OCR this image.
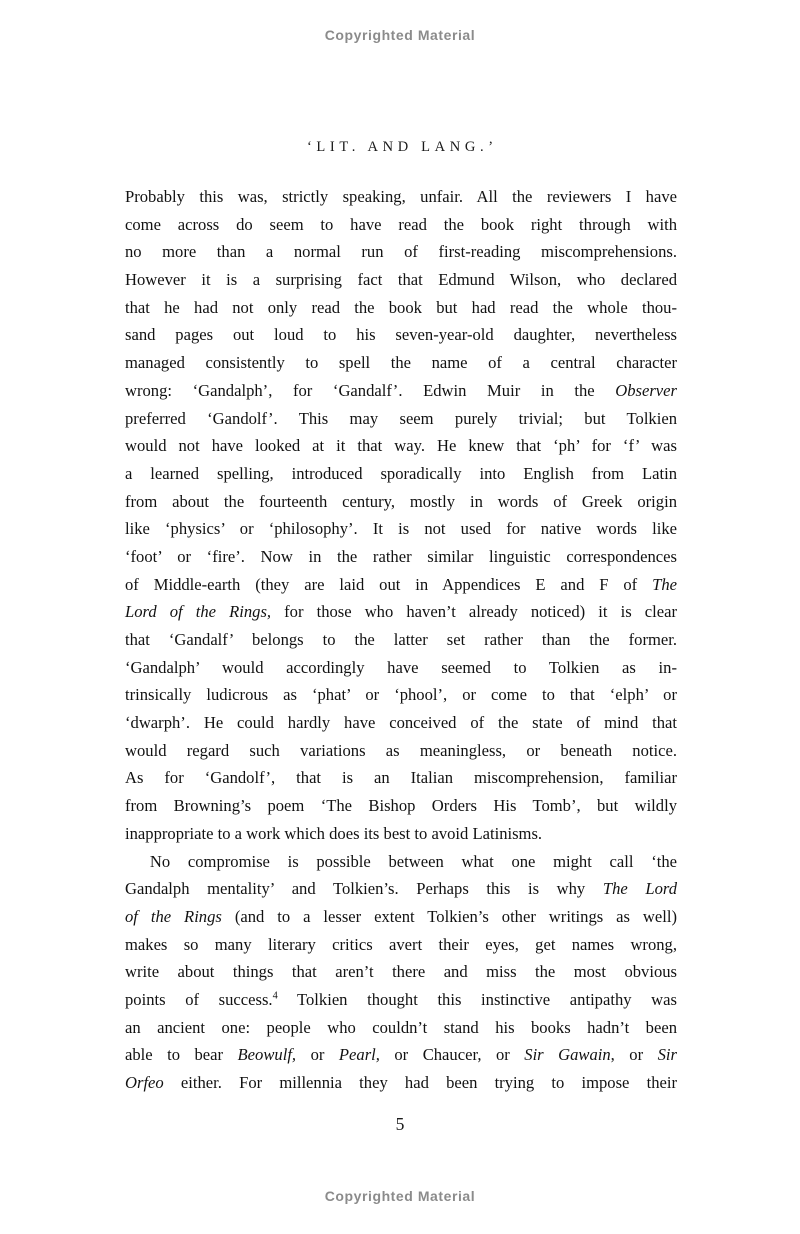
Copyrighted Material
‘LIT. AND LANG.’
Probably this was, strictly speaking, unfair. All the reviewers I have
come across do seem to have read the book right through with
no more than a normal run of first-reading miscomprehensions.
However it is a surprising fact that Edmund Wilson, who declared
that he had not only read the book but had read the whole thou-
sand pages out loud to his seven-year-old daughter, nevertheless
managed consistently to spell the name of a central character
wrong: ‘Gandalph’, for ‘Gandalf’. Edwin Muir in the Observer
preferred ‘Gandolf’. This may seem purely trivial; but Tolkien
would not have looked at it that way. He knew that ‘ph’ for ‘f’ was
a learned spelling, introduced sporadically into English from Latin
from about the fourteenth century, mostly in words of Greek origin
like ‘physics’ or ‘philosophy’. It is not used for native words like
‘foot’ or ‘fire’. Now in the rather similar linguistic correspondences
of Middle-earth (they are laid out in Appendices E and F of The
Lord of the Rings, for those who haven’t already noticed) it is clear
that ‘Gandalf’ belongs to the latter set rather than the former.
‘Gandalph’ would accordingly have seemed to Tolkien as in-
trinsically ludicrous as ‘phat’ or ‘phool’, or come to that ‘elph’ or
‘dwarph’. He could hardly have conceived of the state of mind that
would regard such variations as meaningless, or beneath notice.
As for ‘Gandolf’, that is an Italian miscomprehension, familiar
from Browning’s poem ‘The Bishop Orders His Tomb’, but wildly
inappropriate to a work which does its best to avoid Latinisms.
No compromise is possible between what one might call ‘the
Gandalph mentality’ and Tolkien’s. Perhaps this is why The Lord
of the Rings (and to a lesser extent Tolkien’s other writings as well)
makes so many literary critics avert their eyes, get names wrong,
write about things that aren’t there and miss the most obvious
points of success.$^4$ Tolkien thought this instinctive antipathy was
an ancient one: people who couldn’t stand his books hadn’t been
able to bear Beowulf, or Pearl, or Chaucer, or Sir Gawain, or Sir
Orfeo either. For millennia they had been trying to impose their
5
Copyrighted Material
